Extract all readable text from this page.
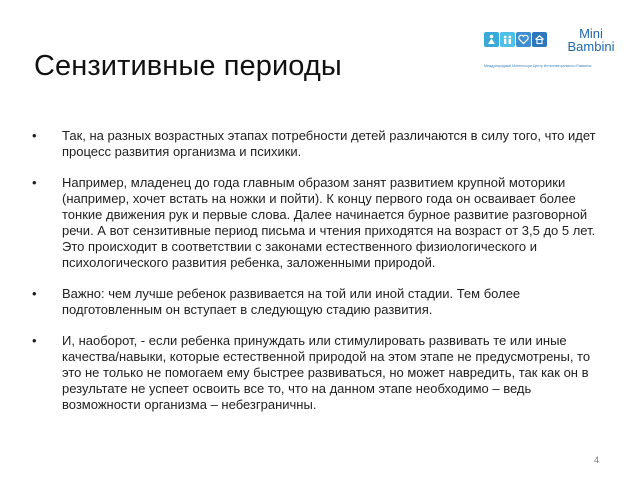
Сензитивные периоды
Mini
Bambini
Международный Монтессори Центр Интеллектуального Развития
• Так, на разных возрастных этапах потребности детей различаются в силу того, что идет процесс развития организма и психики.
• Например, младенец до года главным образом занят развитием крупной моторики (например, хочет встать на ножки и пойти). К концу первого года он осваивает более тонкие движения рук и первые слова. Далее начинается бурное развитие разговорной речи. А вот сензитивные период письма и чтения приходятся на возраст от 3,5 до 5 лет. Это происходит в соответствии с законами естественного физиологического и психологического развития ребенка, заложенными природой.
• Важно: чем лучше ребенок развивается на той или иной стадии. Тем более подготовленным он вступает в следующую стадию развития.
• И, наоборот, - если ребенка принуждать или стимулировать развивать те или иные качества/навыки, которые естественной природой на этом этапе не предусмотрены, то это не только не помогаем ему быстрее развиваться, но может навредить, так как он в результате не успеет освоить все то, что на данном этапе необходимо – ведь возможности организма – небезграничны.
4
